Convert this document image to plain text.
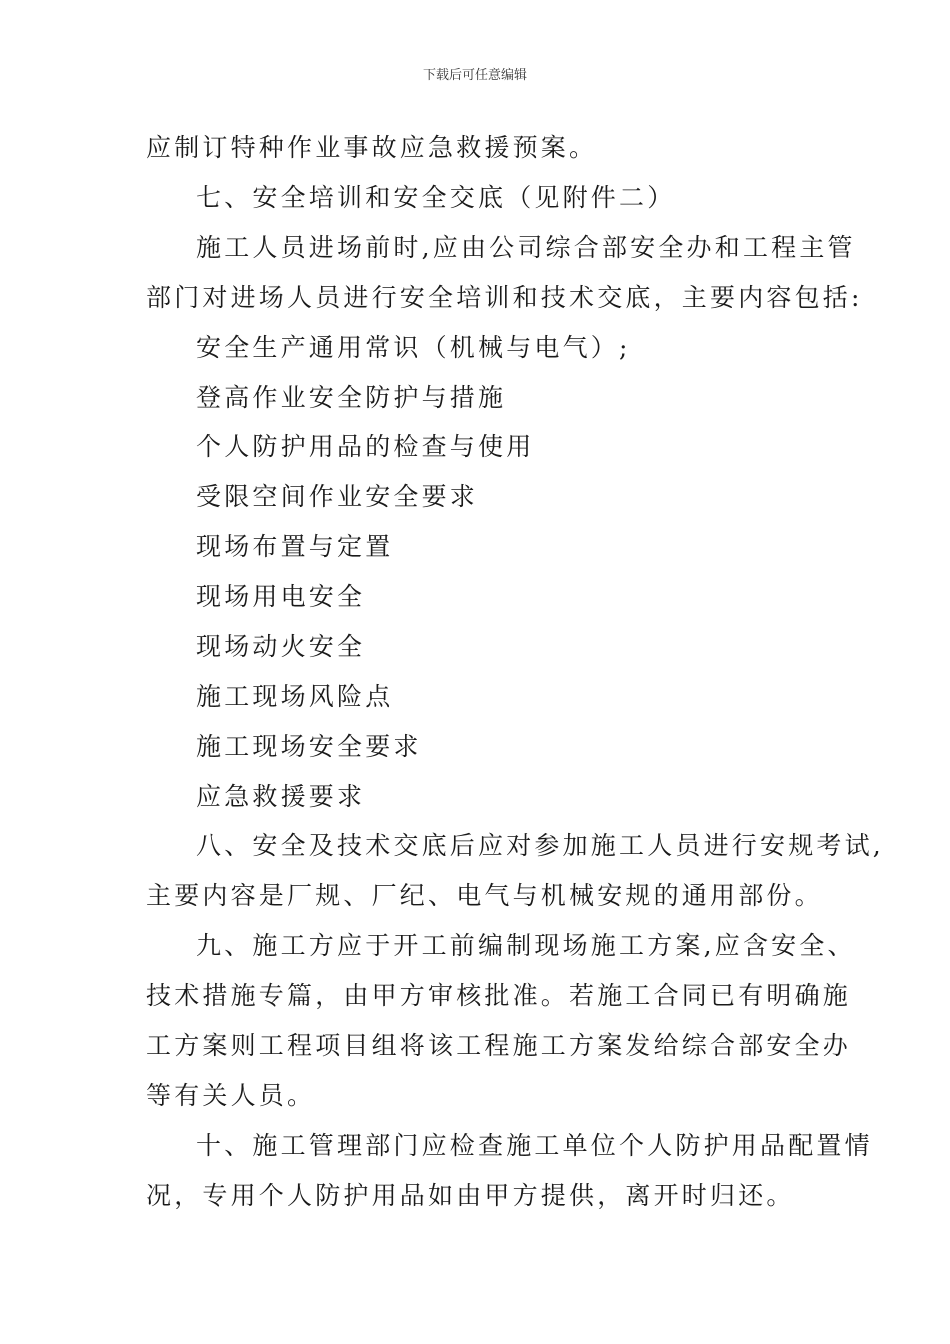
下载后可任意编辑
应制订特种作业事故应急救援预案。
七、安全培训和安全交底（见附件二）
施工人员进场前时,应由公司综合部安全办和工程主管
部门对进场人员进行安全培训和技术交底，主要内容包括:
安全生产通用常识（机械与电气）;
登高作业安全防护与措施
个人防护用品的检查与使用
受限空间作业安全要求
现场布置与定置
现场用电安全
现场动火安全
施工现场风险点
施工现场安全要求
应急救援要求
八、安全及技术交底后应对参加施工人员进行安规考试,
主要内容是厂规、厂纪、电气与机械安规的通用部份。
九、施工方应于开工前编制现场施工方案,应含安全、
技术措施专篇，由甲方审核批准。若施工合同已有明确施
工方案则工程项目组将该工程施工方案发给综合部安全办
等有关人员。
十、施工管理部门应检查施工单位个人防护用品配置情
况，专用个人防护用品如由甲方提供，离开时归还。
